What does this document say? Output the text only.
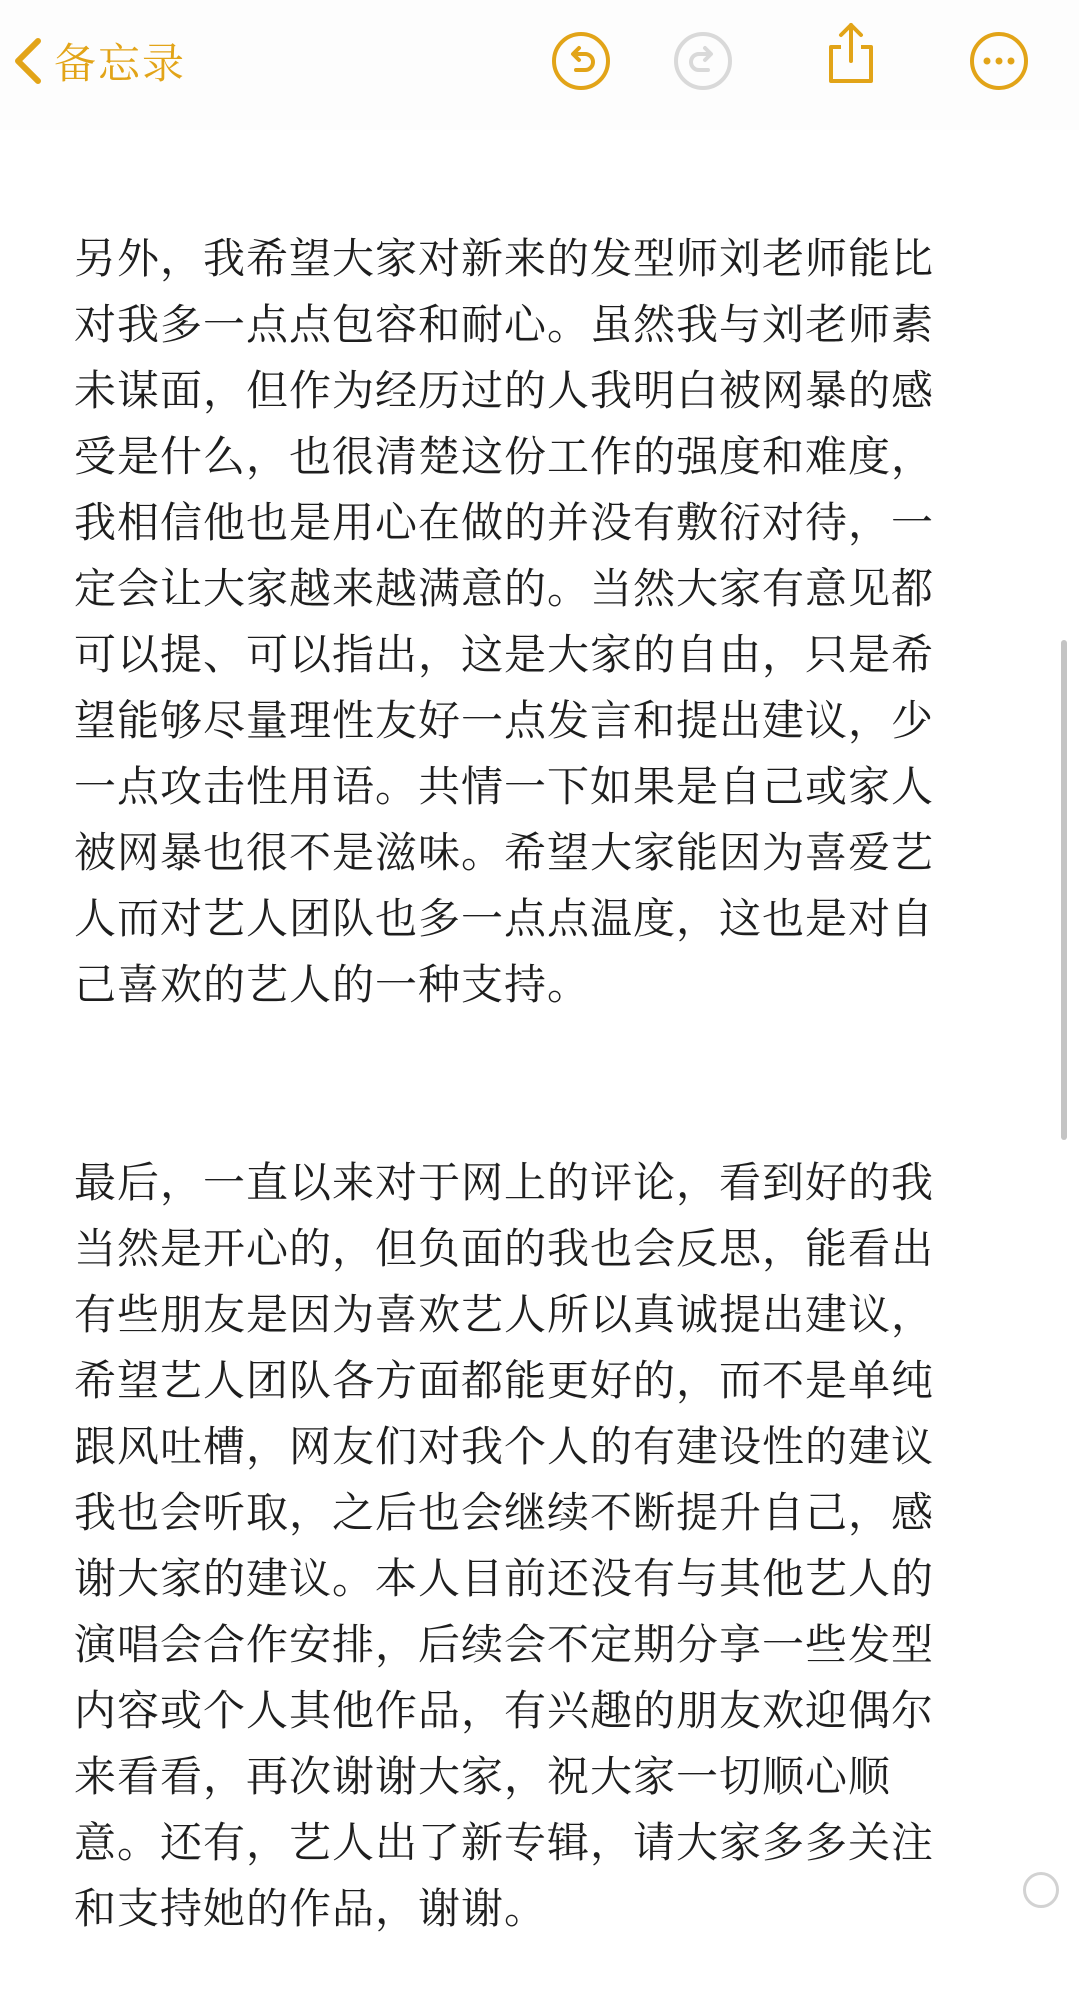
备忘录

另外，我希望大家对新来的发型师刘老师能比
对我多一点点包容和耐心。虽然我与刘老师素
未谋面，但作为经历过的人我明白被网暴的感
受是什么，也很清楚这份工作的强度和难度，
我相信他也是用心在做的并没有敷衍对待，一
定会让大家越来越满意的。当然大家有意见都
可以提、可以指出，这是大家的自由，只是希
望能够尽量理性友好一点发言和提出建议，少
一点攻击性用语。共情一下如果是自己或家人
被网暴也很不是滋味。希望大家能因为喜爱艺
人而对艺人团队也多一点点温度，这也是对自
己喜欢的艺人的一种支持。

最后，一直以来对于网上的评论，看到好的我
当然是开心的，但负面的我也会反思，能看出
有些朋友是因为喜欢艺人所以真诚提出建议，
希望艺人团队各方面都能更好的，而不是单纯
跟风吐槽，网友们对我个人的有建设性的建议
我也会听取，之后也会继续不断提升自己，感
谢大家的建议。本人目前还没有与其他艺人的
演唱会合作安排，后续会不定期分享一些发型
内容或个人其他作品，有兴趣的朋友欢迎偶尔
来看看，再次谢谢大家，祝大家一切顺心顺
意。还有，艺人出了新专辑，请大家多多关注
和支持她的作品，谢谢。
